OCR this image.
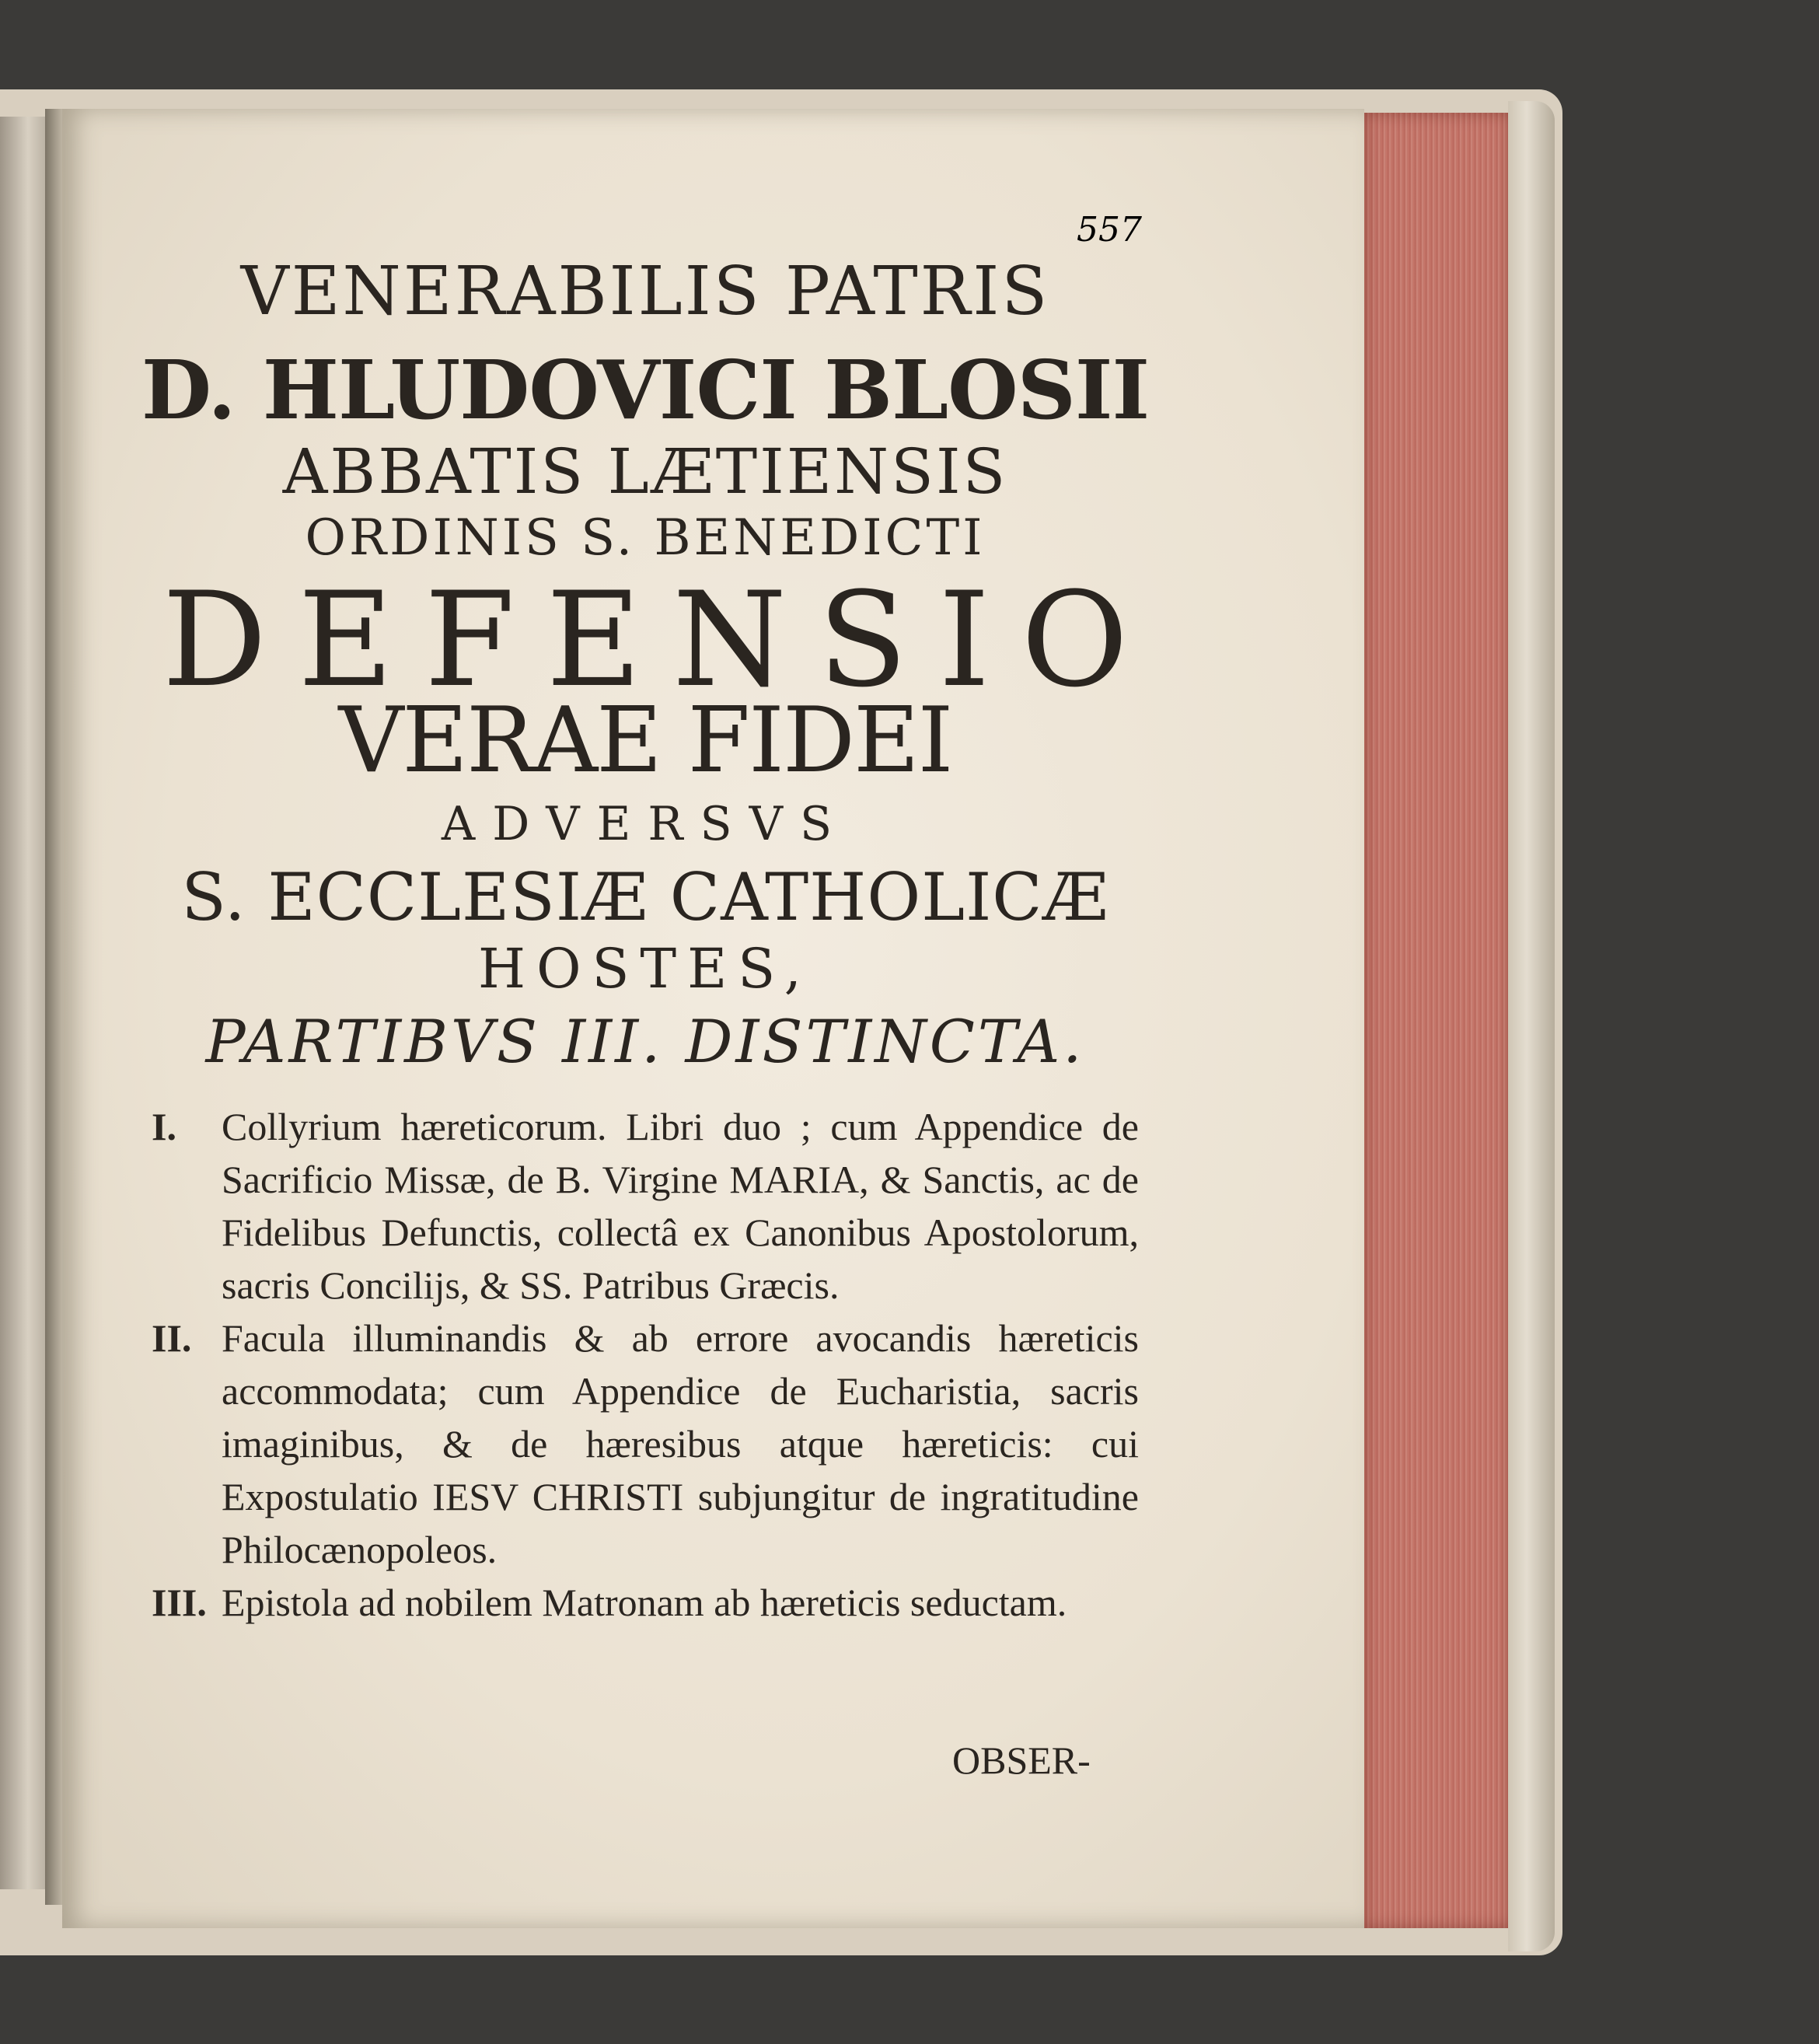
557
VENERABILIS PATRIS
D. HLUDOVICI BLOSII
ABBATIS LÆTIENSIS
ORDINIS S. BENEDICTI
DEFENSIO
VERAE FIDEI
ADVERSVS
S. ECCLESIÆ CATHOLICÆ
HOSTES,
PARTIBVS III. DISTINCTA.
I. Collyrium hæreticorum. Libri duo ; cum Appendice de Sacrificio Missæ, de B. Virgine MARIA, & Sanctis, ac de Fidelibus Defunctis, collectâ ex Canonibus Apostolorum, sacris Concilijs, & SS. Patribus Græcis.
II. Facula illuminandis & ab errore avocandis hæreticis accommodata; cum Appendice de Eucharistia, sacris imaginibus, & de hæresibus atque hæreticis: cui Expostulatio IESV CHRISTI subjungitur de ingratitudine Philocænopoleos.
III. Epistola ad nobilem Matronam ab hæreticis seductam.
OBSER-
